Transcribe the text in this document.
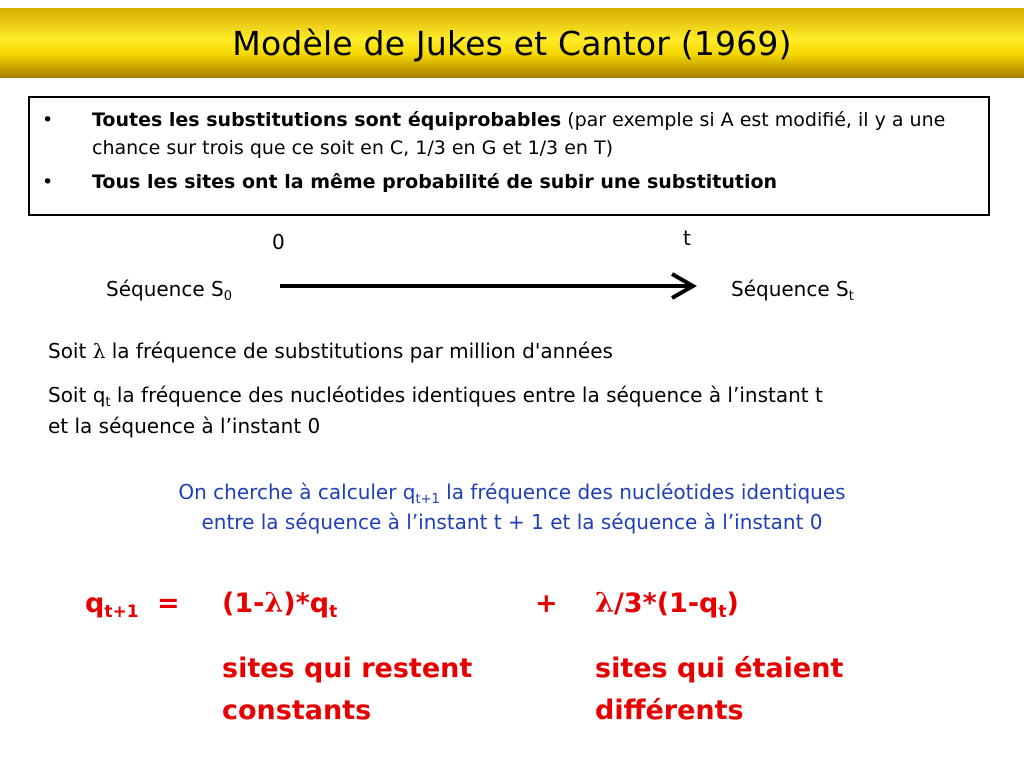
Modèle de Jukes et Cantor (1969)
•	Toutes les substitutions sont équiprobables (par exemple si A est modifié, il y a une chance sur trois que ce soit en C, 1/3 en G et 1/3 en T)
•	Tous les sites ont la même probabilité de subir une substitution
0	t
Séquence $S_0$	Séquence $S_t$
Soit λ la fréquence de substitutions par million d'années
Soit $q_t$ la fréquence des nucléotides identiques entre la séquence à l’instant t
et la séquence à l’instant 0
On cherche à calculer $q_{t+1}$ la fréquence des nucléotides identiques
entre la séquence à l’instant t + 1 et la séquence à l’instant 0
$q_{t+1} = (1-\lambda)*q_t$	+ $\lambda/3*(1-q_t)$
sites qui restent
constants
sites qui étaient
différents
